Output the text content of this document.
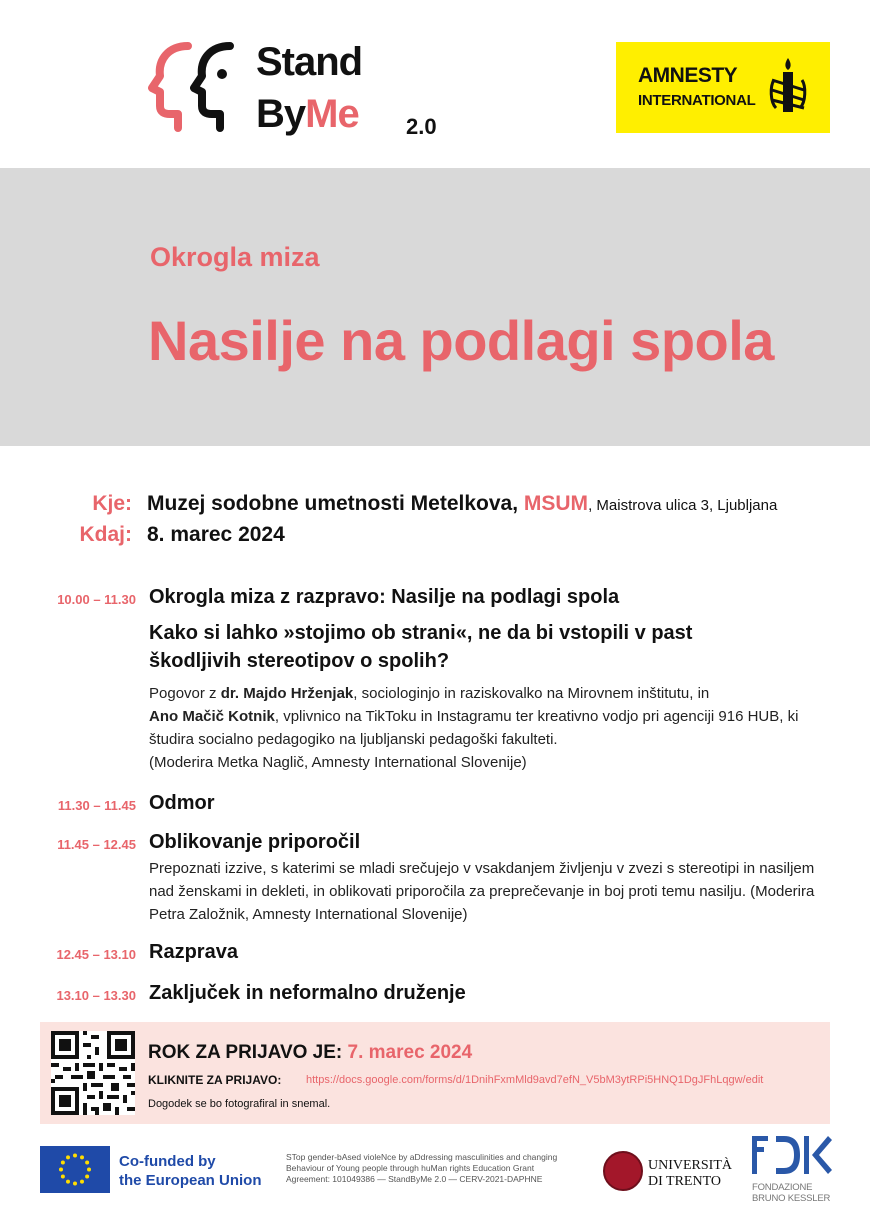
Stand
ByMe 2.0
AMNESTY
INTERNATIONAL
Okrogla miza
Nasilje na podlagi spola
Kje: Muzej sodobne umetnosti Metelkova, MSUM, Maistrova ulica 3, Ljubljana
Kdaj: 8. marec 2024
10.00 – 11.30 Okrogla miza z razpravo: Nasilje na podlagi spola
Kako si lahko »stojimo ob strani«, ne da bi vstopili v past
škodljivih stereotipov o spolih?
Pogovor z dr. Majdo Hrženjak, sociologinjo in raziskovalko na Mirovnem inštitutu, in
Ano Mačič Kotnik, vplivnico na TikToku in Instagramu ter kreativno vodjo pri agenciji 916 HUB, ki študira socialno pedagogiko na ljubljanski pedagoški fakulteti.
(Moderira Metka Naglič, Amnesty International Slovenije)
11.30 – 11.45 Odmor
11.45 – 12.45 Oblikovanje priporočil
Prepoznati izzive, s katerimi se mladi srečujejo v vsakdanjem življenju v zvezi s stereotipi in nasiljem nad ženskami in dekleti, in oblikovati priporočila za preprečevanje in boj proti temu nasilju. (Moderira Petra Založnik, Amnesty International Slovenije)
12.45 – 13.10 Razprava
13.10 – 13.30 Zaključek in neformalno druženje
ROK ZA PRIJAVO JE: 7. marec 2024
KLIKNITE ZA PRIJAVO: https://docs.google.com/forms/d/1DnihFxmMld9avd7efN_V5bM3ytRPi5HNQ1DgJFhLqgw/edit
Dogodek se bo fotografiral in snemal.
Co-funded by
the European Union
STop gender-bAsed violeNce by aDdressing masculinities and changing
Behaviour of Young people through huMan rights Education Grant
Agreement: 101049386 — StandByMe 2.0 — CERV-2021-DAPHNE
UNIVERSITÀ
DI TRENTO	FONDAZIONE
BRUNO KESSLER
